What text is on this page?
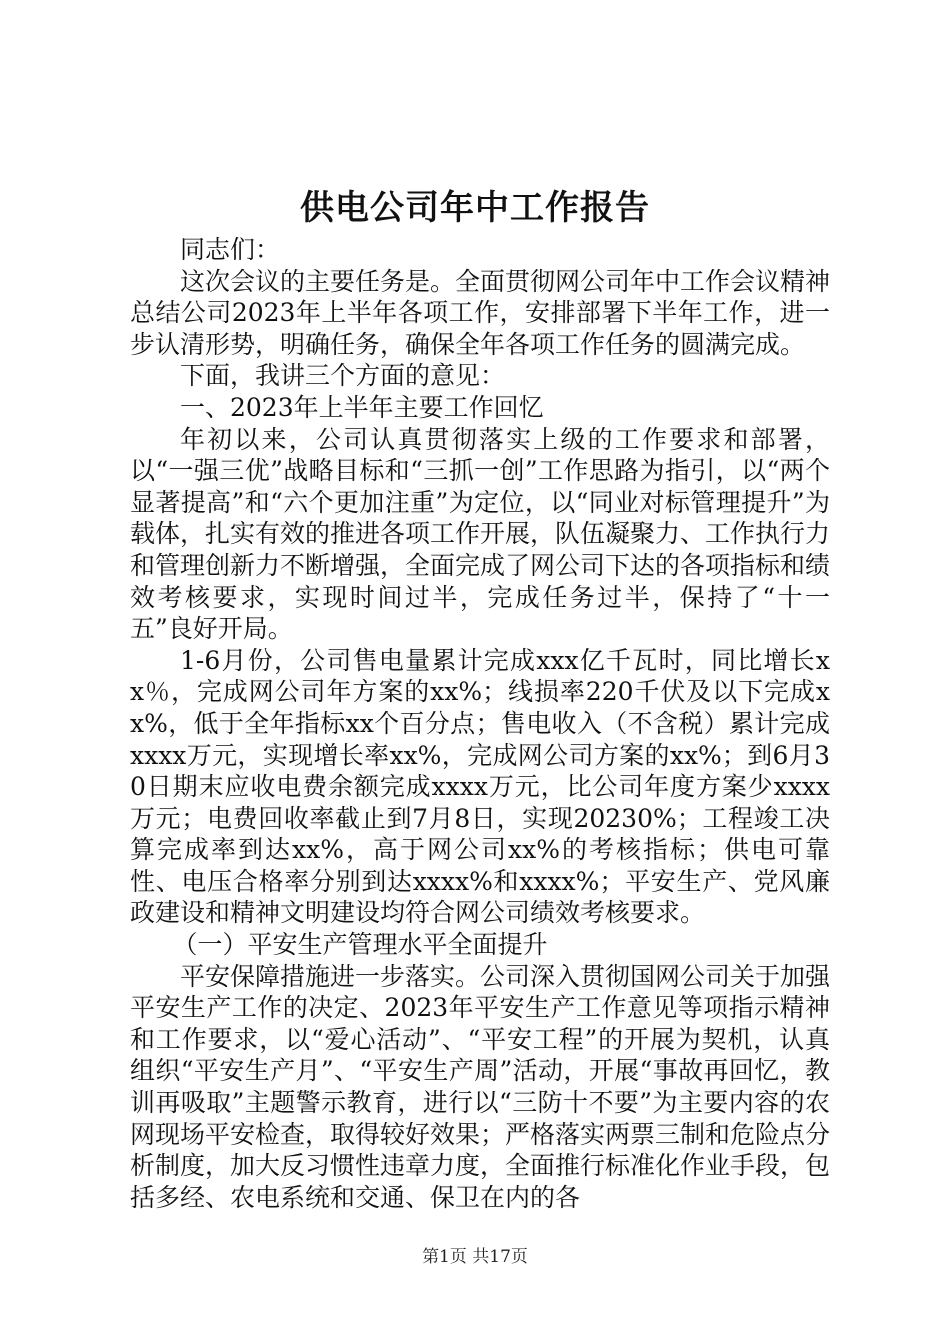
供电公司年中工作报告

同志们：

这次会议的主要任务是。全面贯彻网公司年中工作会议精神总结公司2023年上半年各项工作，安排部署下半年工作，进一步认清形势，明确任务，确保全年各项工作任务的圆满完成。

下面，我讲三个方面的意见：

一、2023年上半年主要工作回忆

年初以来，公司认真贯彻落实上级的工作要求和部署，以“一强三优”战略目标和“三抓一创”工作思路为指引，以“两个显著提高”和“六个更加注重”为定位，以“同业对标管理提升”为载体，扎实有效的推进各项工作开展，队伍凝聚力、工作执行力和管理创新力不断增强，全面完成了网公司下达的各项指标和绩效考核要求，实现时间过半，完成任务过半，保持了“十一五”良好开局。

1-6月份，公司售电量累计完成xxx亿千瓦时，同比增长xx％，完成网公司年方案的xx%；线损率220千伏及以下完成xx%，低于全年指标xx个百分点；售电收入（不含税）累计完成xxxx万元，实现增长率xx%，完成网公司方案的xx%；到6月30日期末应收电费余额完成xxxx万元，比公司年度方案少xxxx万元；电费回收率截止到7月8日，实现20230%；工程竣工决算完成率到达xx%，高于网公司xx%的考核指标；供电可靠性、电压合格率分别到达xxxx%和xxxx%；平安生产、党风廉政建设和精神文明建设均符合网公司绩效考核要求。

（一）平安生产管理水平全面提升

平安保障措施进一步落实。公司深入贯彻国网公司关于加强平安生产工作的决定、2023年平安生产工作意见等项指示精神和工作要求，以“爱心活动”、“平安工程”的开展为契机，认真组织“平安生产月”、“平安生产周”活动，开展“事故再回忆，教训再吸取”主题警示教育，进行以“三防十不要”为主要内容的农网现场平安检查，取得较好效果；严格落实两票三制和危险点分析制度，加大反习惯性违章力度，全面推行标准化作业手段，包括多经、农电系统和交通、保卫在内的各

第1页 共17页
